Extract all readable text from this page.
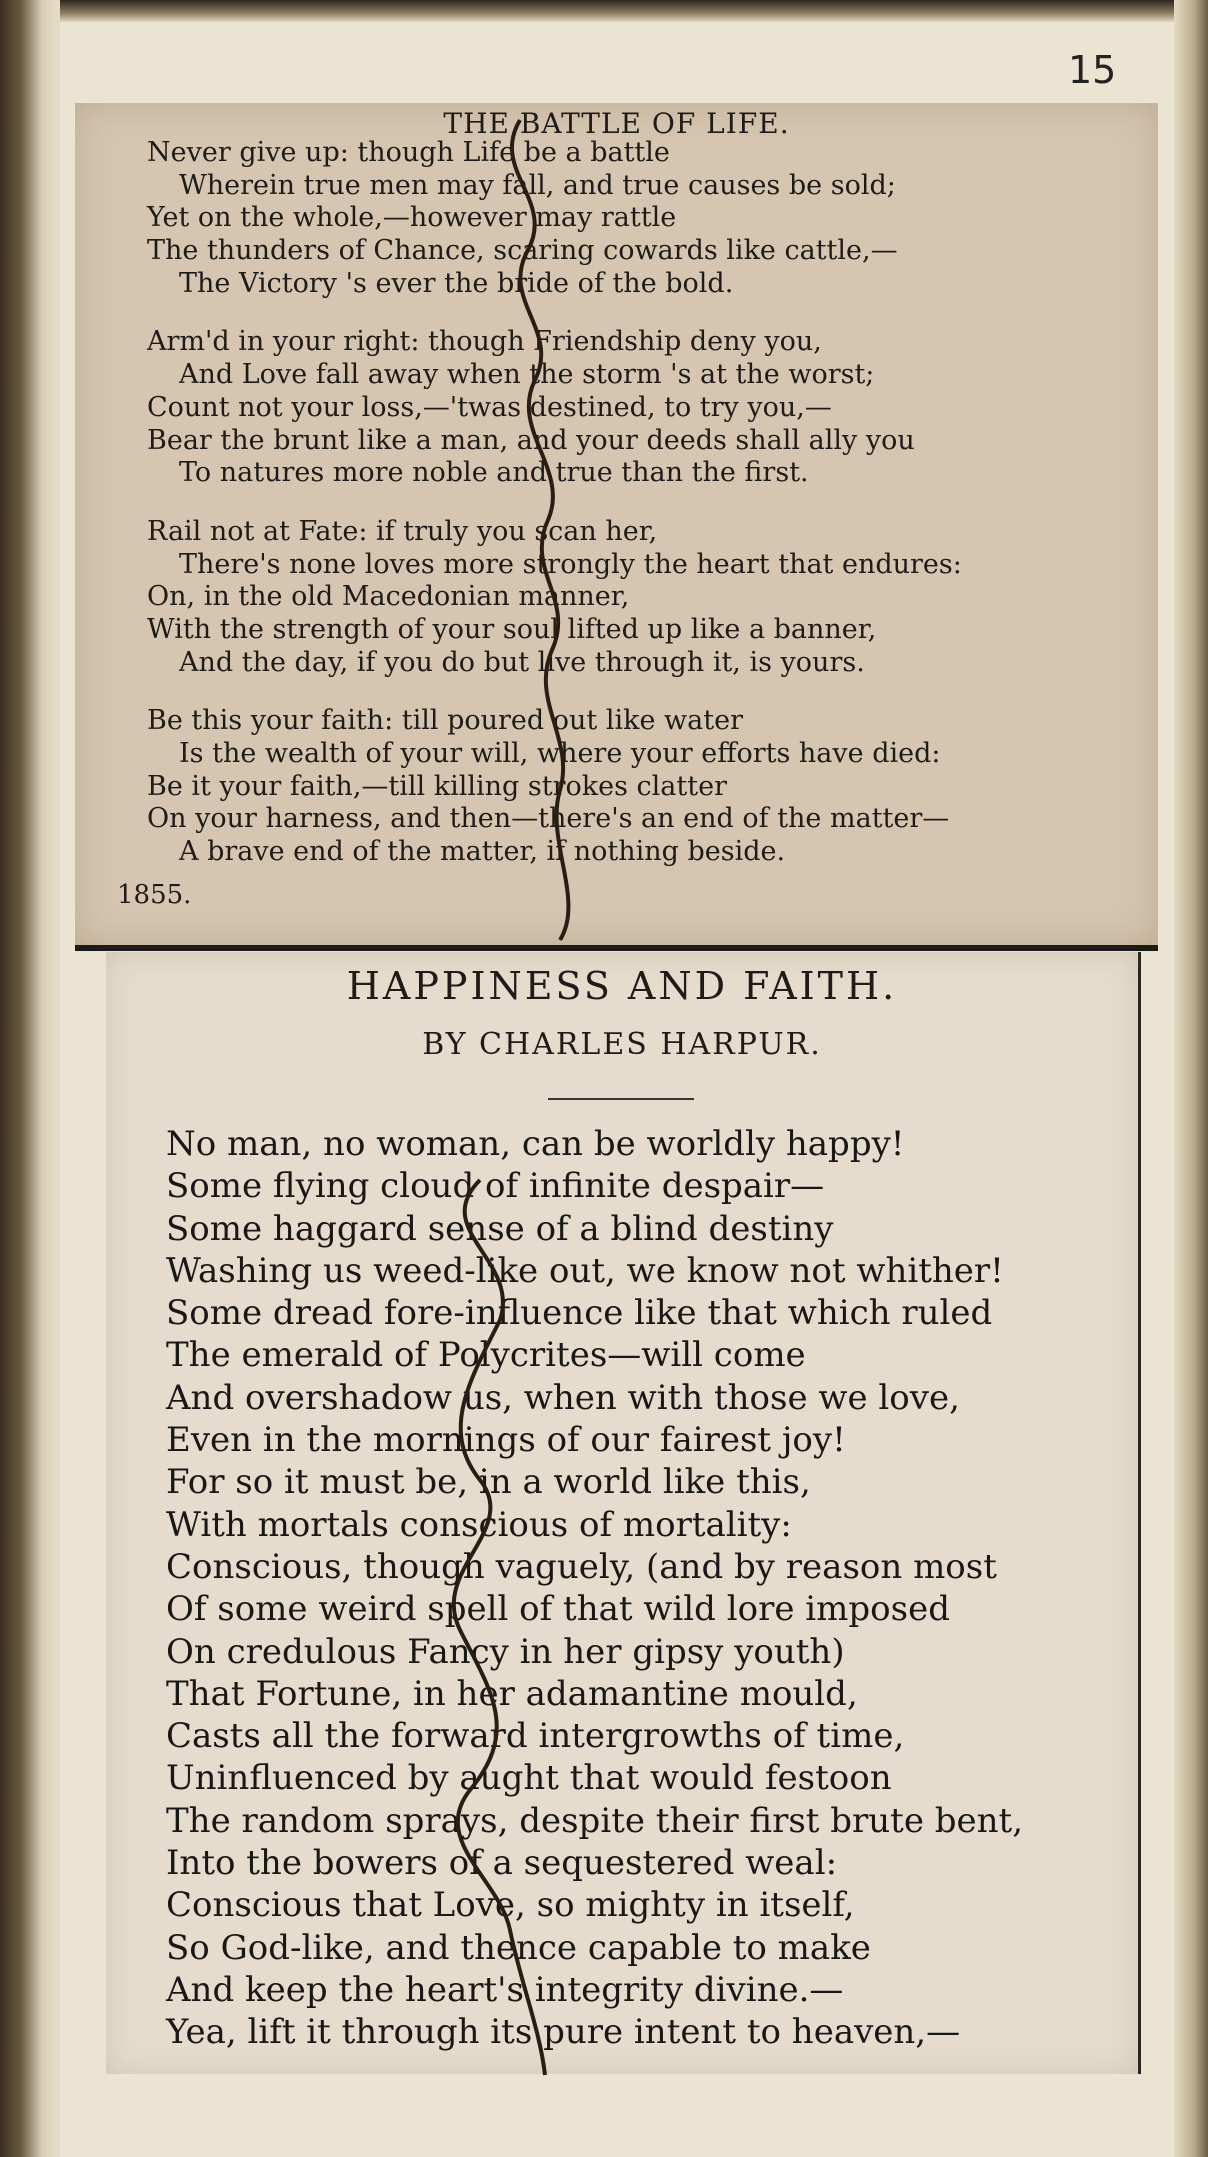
15
THE BATTLE OF LIFE.
Never give up: though Life be a battle
Wherein true men may fall, and true causes be sold;
Yet on the whole,—however may rattle
The thunders of Chance, scaring cowards like cattle,—
The Victory 's ever the bride of the bold.
Arm'd in your right: though Friendship deny you,
And Love fall away when the storm 's at the worst;
Count not your loss,—'twas destined, to try you,—
Bear the brunt like a man, and your deeds shall ally you
To natures more noble and true than the first.
Rail not at Fate: if truly you scan her,
There's none loves more strongly the heart that endures:
On, in the old Macedonian manner,
With the strength of your soul lifted up like a banner,
And the day, if you do but live through it, is yours.
Be this your faith: till poured out like water
Is the wealth of your will, where your efforts have died:
Be it your faith,—till killing strokes clatter
On your harness, and then—there's an end of the matter—
A brave end of the matter, if nothing beside.
1855.
HAPPINESS AND FAITH.
BY CHARLES HARPUR.
No man, no woman, can be worldly happy!
Some flying cloud of infinite despair—
Some haggard sense of a blind destiny
Washing us weed-like out, we know not whither!
Some dread fore-influence like that which ruled
The emerald of Polycrites—will come
And overshadow us, when with those we love,
Even in the mornings of our fairest joy!
For so it must be, in a world like this,
With mortals conscious of mortality:
Conscious, though vaguely, (and by reason most
Of some weird spell of that wild lore imposed
On credulous Fancy in her gipsy youth)
That Fortune, in her adamantine mould,
Casts all the forward intergrowths of time,
Uninfluenced by aught that would festoon
The random sprays, despite their first brute bent,
Into the bowers of a sequestered weal:
Conscious that Love, so mighty in itself,
So God-like, and thence capable to make
And keep the heart's integrity divine.—
Yea, lift it through its pure intent to heaven,—
